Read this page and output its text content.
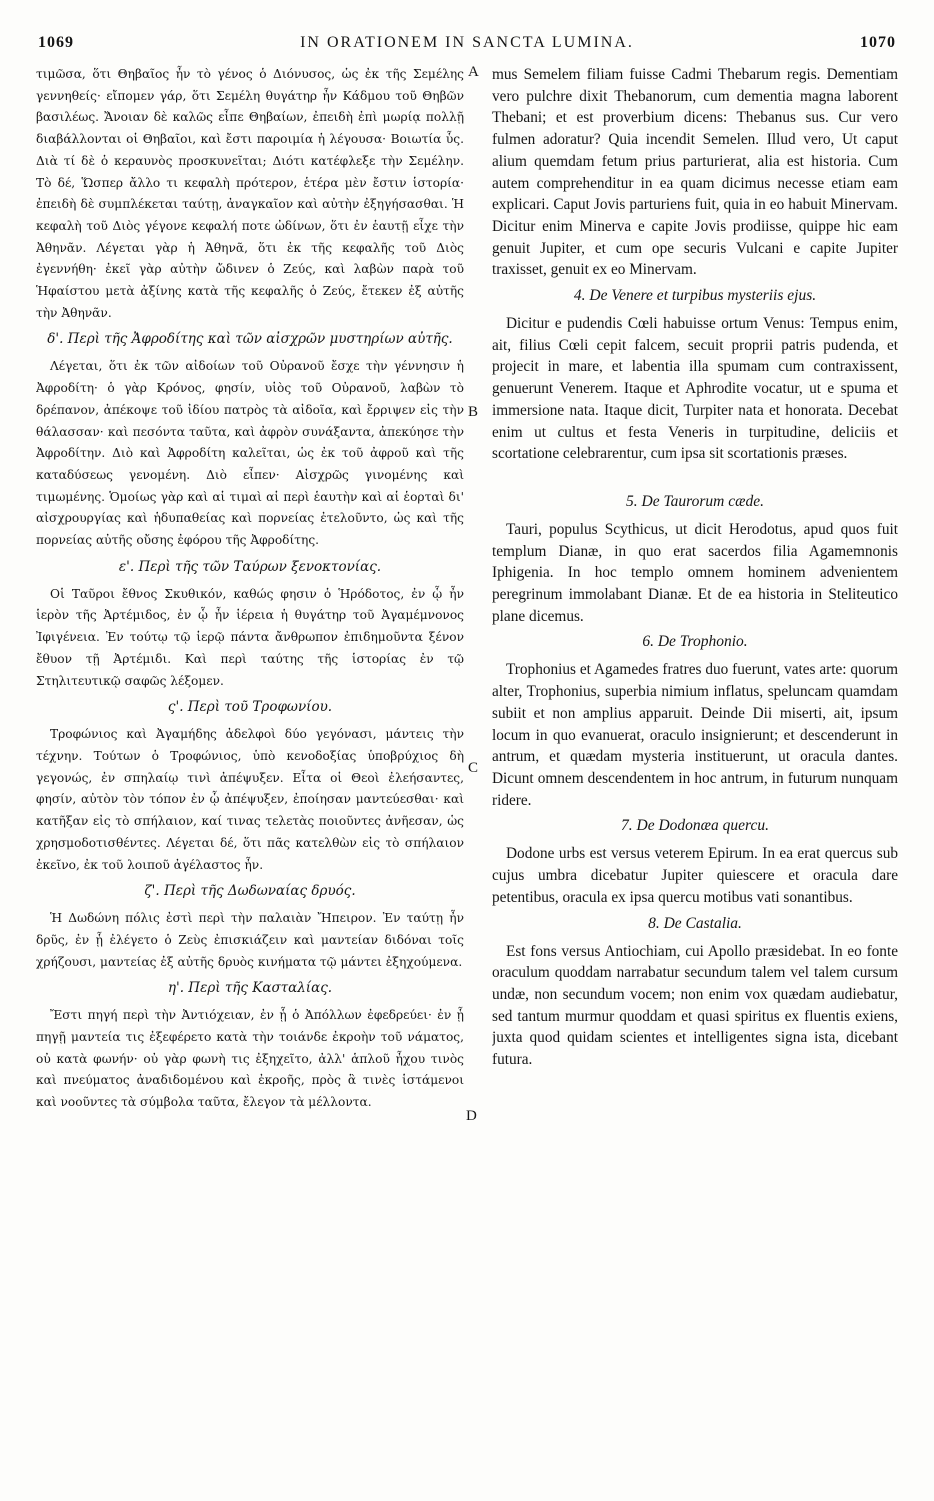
1069	IN ORATIONEM IN SANCTA LUMINA.	1070
A
B
C
D

τιμῶσα, ὅτι Θηβαῖος ἦν τὸ γένος ὁ Διόνυσος, ὡς ἐκ τῆς Σεμέλης γεννηθείς· εἴπομεν γάρ, ὅτι Σεμέλη θυγάτηρ ἦν Κάδμου τοῦ Θηβῶν βασιλέως. Ἄνοιαν δὲ καλῶς εἶπε Θηβαίων, ἐπειδὴ ἐπὶ μωρίᾳ πολλῇ διαβάλλονται οἱ Θηβαῖοι, καὶ ἔστι παροιμία ἡ λέγουσα· Βοιωτία ὗς. Διὰ τί δὲ ὁ κεραυνὸς προσκυνεῖται; Διότι κατέφλεξε τὴν Σεμέλην. Τὸ δέ, Ὥσπερ ἄλλο τι κεφαλὴ πρότερον, ἑτέρα μὲν ἔστιν ἱστορία· ἐπειδὴ δὲ συμπλέκεται ταύτῃ, ἀναγκαῖον καὶ αὐτὴν ἐξηγήσασθαι. Ἡ κεφαλὴ τοῦ Διὸς γέγονε κεφαλή ποτε ὠδίνων, ὅτι ἐν ἑαυτῇ εἶχε τὴν Ἀθηνᾶν. Λέγεται γὰρ ἡ Ἀθηνᾶ, ὅτι ἐκ τῆς κεφαλῆς τοῦ Διὸς ἐγεννήθη· ἐκεῖ γὰρ αὐτὴν ὤδινεν ὁ Ζεύς, καὶ λαβὼν παρὰ τοῦ Ἡφαίστου μετὰ ἀξίνης κατὰ τῆς κεφαλῆς ὁ Ζεύς, ἔτεκεν ἐξ αὐτῆς τὴν Ἀθηνᾶν.

δ'. Περὶ τῆς Ἀφροδίτης καὶ τῶν αἰσχρῶν μυστηρίων αὐτῆς.

Λέγεται, ὅτι ἐκ τῶν αἰδοίων τοῦ Οὐρανοῦ ἔσχε τὴν γέννησιν ἡ Ἀφροδίτη· ὁ γὰρ Κρόνος, φησίν, υἱὸς τοῦ Οὐρανοῦ, λαβὼν τὸ δρέπανον, ἀπέκοψε τοῦ ἰδίου πατρὸς τὰ αἰδοῖα, καὶ ἔρριψεν εἰς τὴν θάλασσαν· καὶ πεσόντα ταῦτα, καὶ ἀφρὸν συνάξαντα, ἀπεκύησε τὴν Ἀφροδίτην. Διὸ καὶ Ἀφροδίτη καλεῖται, ὡς ἐκ τοῦ ἀφροῦ καὶ τῆς καταδύσεως γενομένη. Διὸ εἶπεν· Αἰσχρῶς γινομένης καὶ τιμωμένης. Ὁμοίως γὰρ καὶ αἱ τιμαὶ αἱ περὶ ἑαυτὴν καὶ αἱ ἑορταὶ δι' αἰσχρουργίας καὶ ἡδυπαθείας καὶ πορνείας ἐτελοῦντο, ὡς καὶ τῆς πορνείας αὐτῆς οὔσης ἐφόρου τῆς Ἀφροδίτης.

ε'. Περὶ τῆς τῶν Ταύρων ξενοκτονίας.

Οἱ Ταῦροι ἔθνος Σκυθικόν, καθώς φησιν ὁ Ἡρόδοτος, ἐν ᾧ ἦν ἱερὸν τῆς Ἀρτέμιδος, ἐν ᾧ ἦν ἱέρεια ἡ θυγάτηρ τοῦ Ἀγαμέμνονος Ἰφιγένεια. Ἐν τούτῳ τῷ ἱερῷ πάντα ἄνθρωπον ἐπιδημοῦντα ξένον ἔθυον τῇ Ἀρτέμιδι. Καὶ περὶ ταύτης τῆς ἱστορίας ἐν τῷ Στηλιτευτικῷ σαφῶς λέξομεν.

ς'. Περὶ τοῦ Τροφωνίου.

Τροφώνιος καὶ Ἀγαμήδης ἀδελφοὶ δύο γεγόνασι, μάντεις τὴν τέχνην. Τούτων ὁ Τροφώνιος, ὑπὸ κενοδοξίας ὑποβρύχιος δὴ γεγονώς, ἐν σπηλαίῳ τινὶ ἀπέψυξεν. Εἶτα οἱ Θεοὶ ἐλεήσαντες, φησίν, αὐτὸν τὸν τόπον ἐν ᾧ ἀπέψυξεν, ἐποίησαν μαντεύεσθαι· καὶ κατῆξαν εἰς τὸ σπήλαιον, καί τινας τελετὰς ποιοῦντες ἀνῆεσαν, ὡς χρησμοδοτισθέντες. Λέγεται δέ, ὅτι πᾶς κατελθὼν εἰς τὸ σπήλαιον ἐκεῖνο, ἐκ τοῦ λοιποῦ ἀγέλαστος ἦν.

ζ'. Περὶ τῆς Δωδωναίας δρυός.

Ἡ Δωδώνη πόλις ἐστὶ περὶ τὴν παλαιὰν Ἤπειρον. Ἐν ταύτῃ ἦν δρῦς, ἐν ᾗ ἐλέγετο ὁ Ζεὺς ἐπισκιάζειν καὶ μαντείαν διδόναι τοῖς χρήζουσι, μαντείας ἐξ αὐτῆς δρυὸς κινήματα τῷ μάντει ἐξηχούμενα.

η'. Περὶ τῆς Κασταλίας.

Ἔστι πηγή περὶ τὴν Ἀντιόχειαν, ἐν ᾗ ὁ Ἀπόλλων ἐφεδρεύει· ἐν ᾗ πηγῇ μαντεία τις ἐξεφέρετο κατὰ τὴν τοιάνδε ἐκροὴν τοῦ νάματος, οὐ κατὰ φωνήν· οὐ γὰρ φωνὴ τις ἐξηχεῖτο, ἀλλ' ἁπλοῦ ἦχου τινὸς καὶ πνεύματος ἀναδιδομένου καὶ ἐκροῆς, πρὸς ἃ τινὲς ἱστάμενοι καὶ νοοῦντες τὰ σύμβολα ταῦτα, ἔλεγον τὰ μέλλοντα.

mus Semelem filiam fuisse Cadmi Thebarum regis. Dementiam vero pulchre dixit Thebanorum, cum dementia magna laborent Thebani; et est proverbium dicens: Thebanus sus. Cur vero fulmen adoratur? Quia incendit Semelen. Illud vero, Ut caput alium quemdam fetum prius parturierat, alia est historia. Cum autem comprehenditur in ea quam dicimus necesse etiam eam explicari. Caput Jovis parturiens fuit, quia in eo habuit Minervam. Dicitur enim Minerva e capite Jovis prodiisse, quippe hic eam genuit Jupiter, et cum ope securis Vulcani e capite Jupiter traxisset, genuit ex eo Minervam.

4. De Venere et turpibus mysteriis ejus.

Dicitur e pudendis Cœli habuisse ortum Venus: Tempus enim, ait, filius Cœli cepit falcem, secuit proprii patris pudenda, et projecit in mare, et labentia illa spumam cum contraxissent, genuerunt Venerem. Itaque et Aphrodite vocatur, ut e spuma et immersione nata. Itaque dicit, Turpiter nata et honorata. Decebat enim ut cultus et festa Veneris in turpitudine, deliciis et scortatione celebrarentur, cum ipsa sit scortationis præses.

5. De Taurorum cæde.

Tauri, populus Scythicus, ut dicit Herodotus, apud quos fuit templum Dianæ, in quo erat sacerdos filia Agamemnonis Iphigenia. In hoc templo omnem hominem advenientem peregrinum immolabant Dianæ. Et de ea historia in Steliteutico plane dicemus.

6. De Trophonio.

Trophonius et Agamedes fratres duo fuerunt, vates arte: quorum alter, Trophonius, superbia nimium inflatus, speluncam quamdam subiit et non amplius apparuit. Deinde Dii miserti, ait, ipsum locum in quo evanuerat, oraculo insignierunt; et descenderunt in antrum, et quædam mysteria instituerunt, ut oracula dantes. Dicunt omnem descendentem in hoc antrum, in futurum nunquam ridere.

7. De Dodonæa quercu.

Dodone urbs est versus veterem Epirum. In ea erat quercus sub cujus umbra dicebatur Jupiter quiescere et oracula dare petentibus, oracula ex ipsa quercu motibus vati sonantibus.

8. De Castalia.

Est fons versus Antiochiam, cui Apollo præsidebat. In eo fonte oraculum quoddam narrabatur secundum talem vel talem cursum undæ, non secundum vocem; non enim vox quædam audiebatur, sed tantum murmur quoddam et quasi spiritus ex fluentis exiens, juxta quod quidam scientes et intelligentes signa ista, dicebant futura.
